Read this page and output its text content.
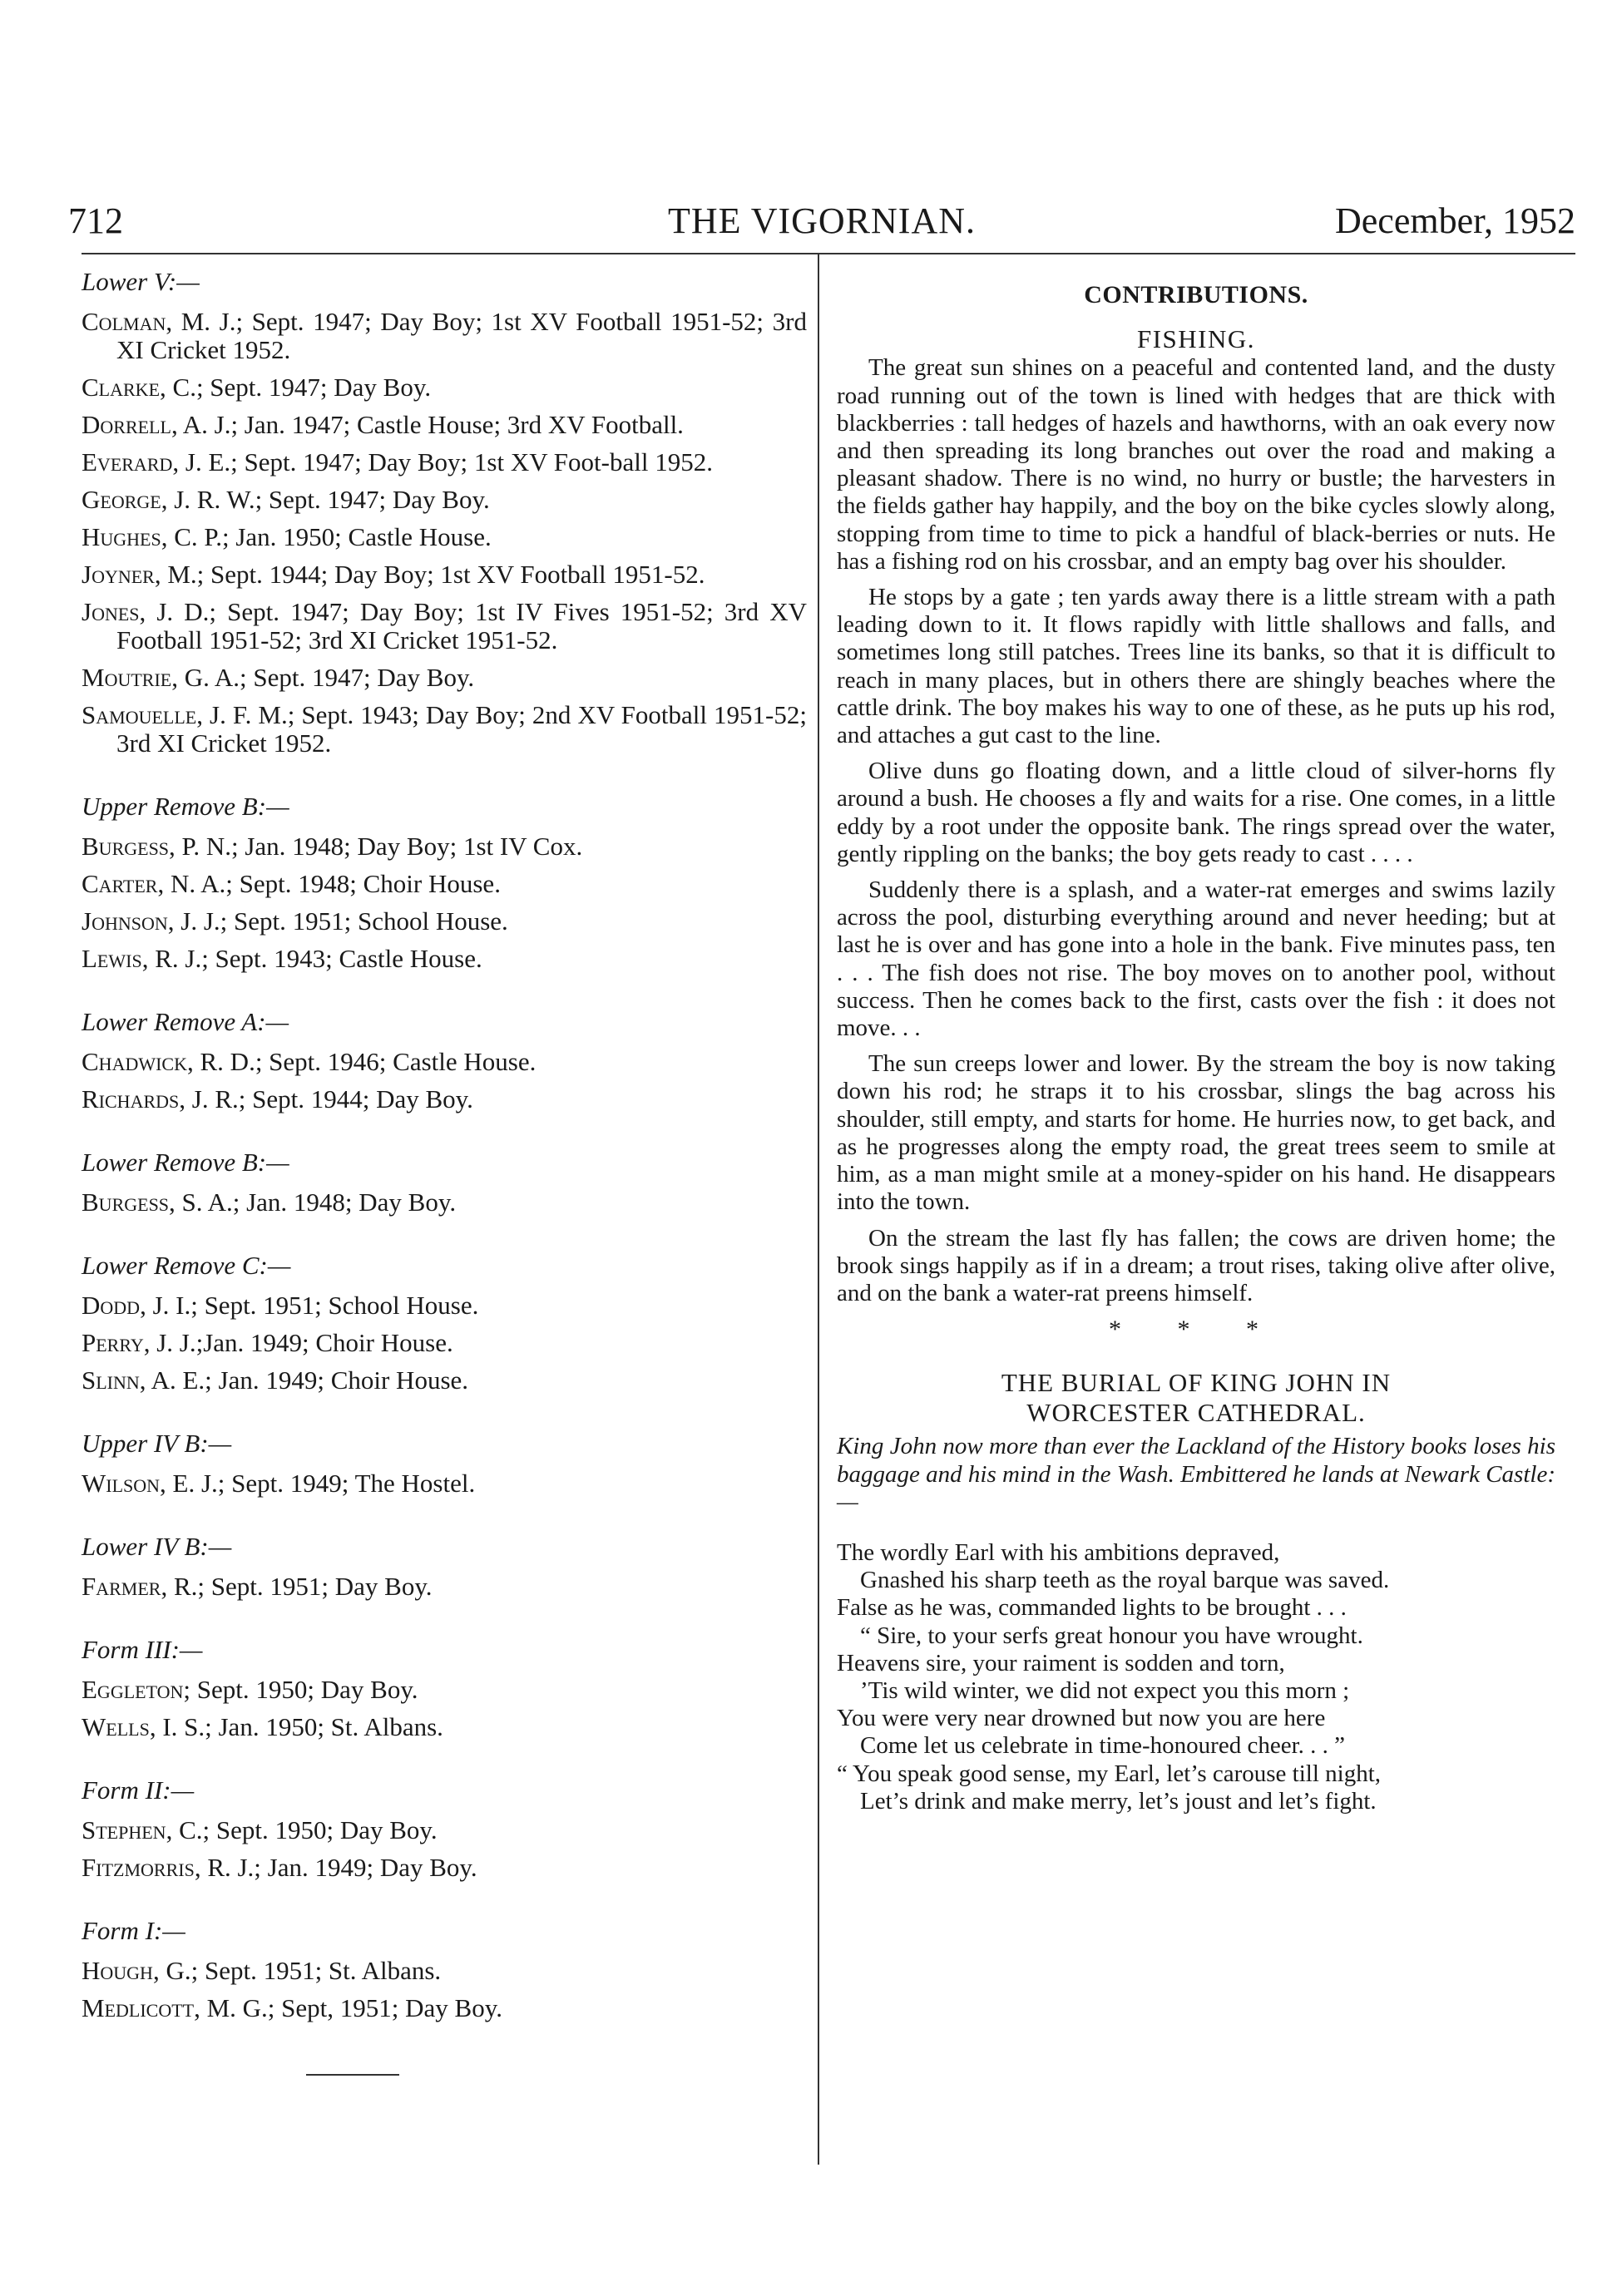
712	THE VIGORNIAN.	December, 1952
Lower V:—
Colman, M. J.; Sept. 1947; Day Boy; 1st XV Football 1951-52; 3rd XI Cricket 1952.
Clarke, C.; Sept. 1947; Day Boy.
Dorrell, A. J.; Jan. 1947; Castle House; 3rd XV Football.
Everard, J. E.; Sept. 1947; Day Boy; 1st XV Foot-ball 1952.
George, J. R. W.; Sept. 1947; Day Boy.
Hughes, C. P.; Jan. 1950; Castle House.
Joyner, M.; Sept. 1944; Day Boy; 1st XV Football 1951-52.
Jones, J. D.; Sept. 1947; Day Boy; 1st IV Fives 1951-52; 3rd XV Football 1951-52; 3rd XI Cricket 1951-52.
Moutrie, G. A.; Sept. 1947; Day Boy.
Samouelle, J. F. M.; Sept. 1943; Day Boy; 2nd XV Football 1951-52; 3rd XI Cricket 1952.
Upper Remove B:—
Burgess, P. N.; Jan. 1948; Day Boy; 1st IV Cox.
Carter, N. A.; Sept. 1948; Choir House.
Johnson, J. J.; Sept. 1951; School House.
Lewis, R. J.; Sept. 1943; Castle House.
Lower Remove A:—
Chadwick, R. D.; Sept. 1946; Castle House.
Richards, J. R.; Sept. 1944; Day Boy.
Lower Remove B:—
Burgess, S. A.; Jan. 1948; Day Boy.
Lower Remove C:—
Dodd, J. I.; Sept. 1951; School House.
Perry, J. J.;Jan. 1949; Choir House.
Slinn, A. E.; Jan. 1949; Choir House.
Upper IV B:—
Wilson, E. J.; Sept. 1949; The Hostel.
Lower IV B:—
Farmer, R.; Sept. 1951; Day Boy.
Form III:—
Eggleton; Sept. 1950; Day Boy.
Wells, I. S.; Jan. 1950; St. Albans.
Form II:—
Stephen, C.; Sept. 1950; Day Boy.
Fitzmorris, R. J.; Jan. 1949; Day Boy.
Form I:—
Hough, G.; Sept. 1951; St. Albans.
Medlicott, M. G.; Sept, 1951; Day Boy.
CONTRIBUTIONS.
FISHING.
The great sun shines on a peaceful and contented land, and the dusty road running out of the town is lined with hedges that are thick with blackberries : tall hedges of hazels and hawthorns, with an oak every now and then spreading its long branches out over the road and making a pleasant shadow. There is no wind, no hurry or bustle; the harvesters in the fields gather hay happily, and the boy on the bike cycles slowly along, stopping from time to time to pick a handful of black-berries or nuts. He has a fishing rod on his crossbar, and an empty bag over his shoulder.
He stops by a gate ; ten yards away there is a little stream with a path leading down to it. It flows rapidly with little shallows and falls, and sometimes long still patches. Trees line its banks, so that it is difficult to reach in many places, but in others there are shingly beaches where the cattle drink. The boy makes his way to one of these, as he puts up his rod, and attaches a gut cast to the line.
Olive duns go floating down, and a little cloud of silver-horns fly around a bush. He chooses a fly and waits for a rise. One comes, in a little eddy by a root under the opposite bank. The rings spread over the water, gently rippling on the banks; the boy gets ready to cast . . . .
Suddenly there is a splash, and a water-rat emerges and swims lazily across the pool, disturbing everything around and never heeding; but at last he is over and has gone into a hole in the bank. Five minutes pass, ten . . . The fish does not rise. The boy moves on to another pool, without success. Then he comes back to the first, casts over the fish : it does not move. . .
The sun creeps lower and lower. By the stream the boy is now taking down his rod; he straps it to his crossbar, slings the bag across his shoulder, still empty, and starts for home. He hurries now, to get back, and as he progresses along the empty road, the great trees seem to smile at him, as a man might smile at a money-spider on his hand. He disappears into the town.
On the stream the last fly has fallen; the cows are driven home; the brook sings happily as if in a dream; a trout rises, taking olive after olive, and on the bank a water-rat preens himself.
* * *
THE BURIAL OF KING JOHN IN
WORCESTER CATHEDRAL.
King John now more than ever the Lackland of the History books loses his baggage and his mind in the Wash. Embittered he lands at Newark Castle:—
The wordly Earl with his ambitions depraved,
Gnashed his sharp teeth as the royal barque was saved.
False as he was, commanded lights to be brought . . .
“ Sire, to your serfs great honour you have wrought.
Heavens sire, your raiment is sodden and torn,
’Tis wild winter, we did not expect you this morn ;
You were very near drowned but now you are here
Come let us celebrate in time-honoured cheer. . . ”
“ You speak good sense, my Earl, let’s carouse till night,
Let’s drink and make merry, let’s joust and let’s fight.
